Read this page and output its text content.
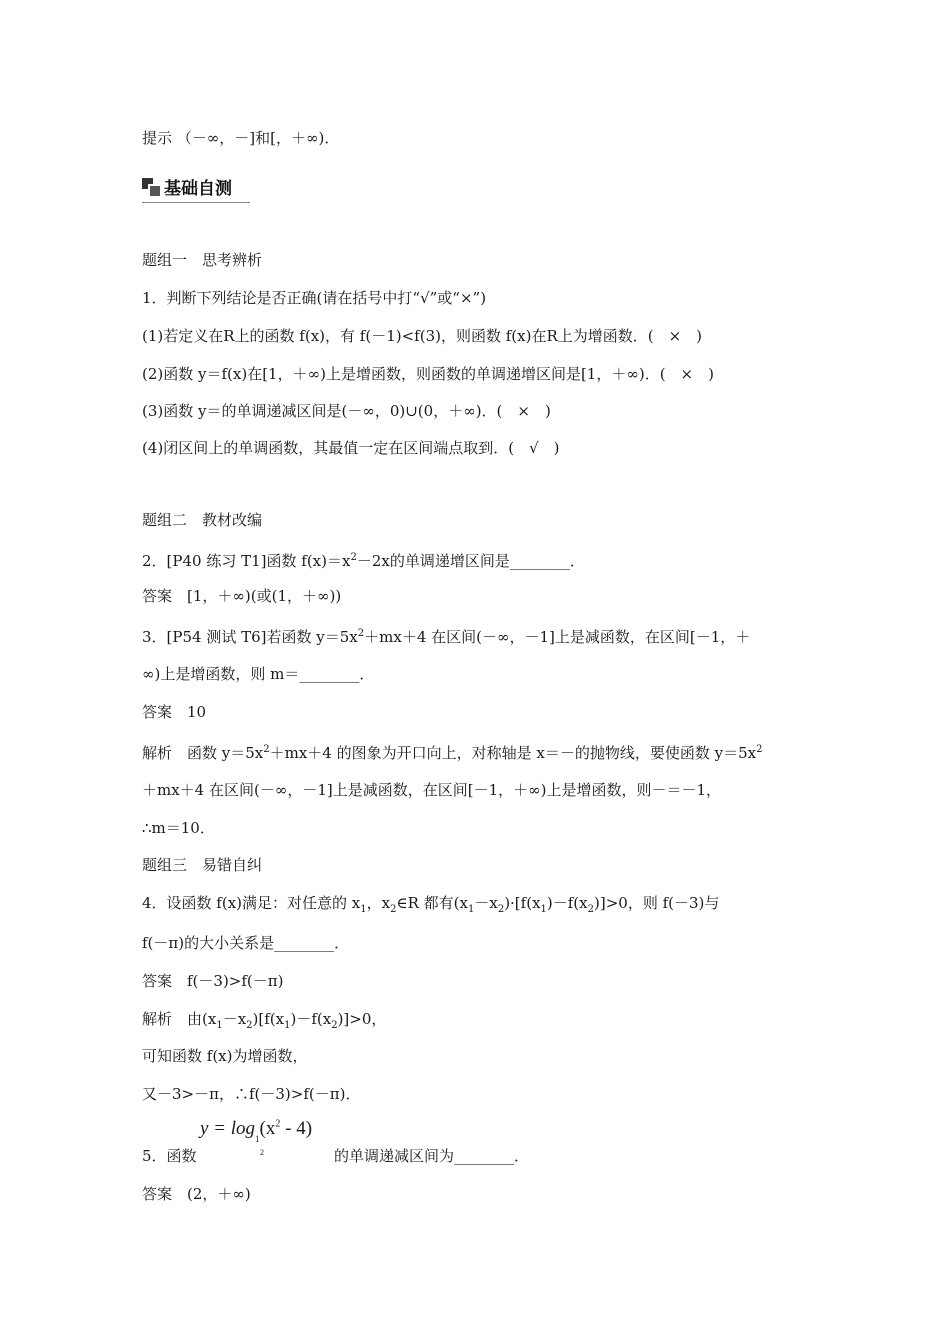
提示 （－∞，－]和[，＋∞)．
基础自测
题组一　思考辨析
1．判断下列结论是否正确(请在括号中打“√”或“×”)
(1)若定义在R上的函数 f(x)，有 f(－1)<f(3)，则函数 f(x)在R上为增函数．(　×　)
(2)函数 y＝f(x)在[1，＋∞)上是增函数，则函数的单调递增区间是[1，＋∞)．(　×　)
(3)函数 y＝的单调递减区间是(－∞，0)∪(0，＋∞)．(　×　)
(4)闭区间上的单调函数，其最值一定在区间端点取到．(　√　)
题组二　教材改编
2．[P40 练习 T1]函数 $f(x)=x^2-2x$的单调递增区间是________．
答案　[1，＋∞)(或(1，＋∞))
3．[P54 测试 T6]若函数 $y=5x^2+mx+4$ 在区间(－∞，－1]上是减函数，在区间[－1，＋
∞)上是增函数，则 m＝________．
答案　10
解析　函数 $y=5x^2+mx+4$ 的图象为开口向上，对称轴是 x＝－的抛物线，要使函数 $y=5x^2$
＋mx＋4 在区间(－∞，－1]上是减函数，在区间[－1，＋∞)上是增函数，则－＝－1，
∴m＝10．
题组三　易错自纠
4．设函数 f(x)满足：对任意的 $x_1$，$x_2\in R$ 都有$(x_1-x_2)\cdot[f(x_1)-f(x_2)]>0$，则 f(－3)与
f(－π)的大小关系是________．
答案　f(－3)>f(－π)
解析　由$(x_1-x_2)[f(x_1)-f(x_2)]>0$，
可知函数 f(x)为增函数，
又－3>－π，∴f(－3)>f(－π)．
$y = \log_1(x^2 - 4)$
2
5．函数	的单调递减区间为________．
答案　(2，＋∞)
